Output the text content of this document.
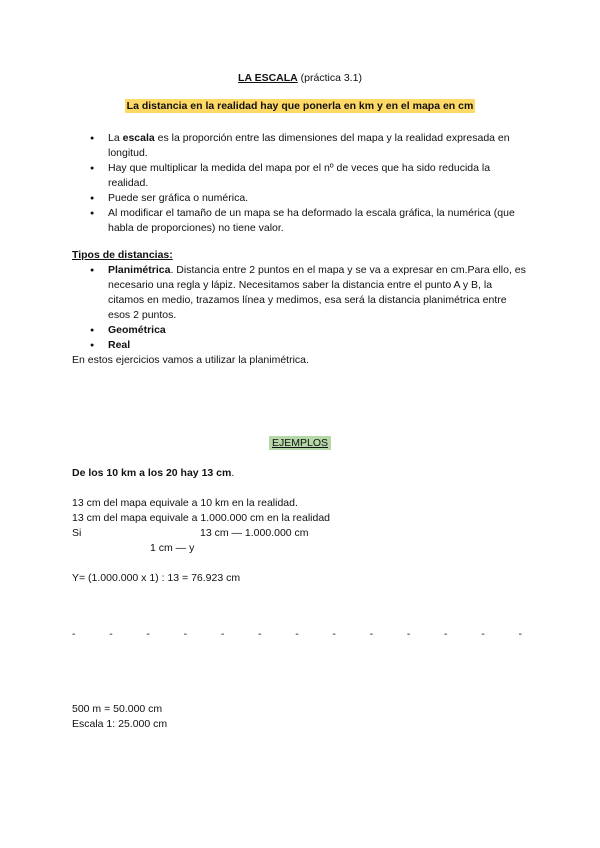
LA ESCALA (práctica 3.1)
La distancia en la realidad hay que ponerla en km y en el mapa en cm
● La escala es la proporción entre las dimensiones del mapa y la realidad expresada en longitud.
● Hay que multiplicar la medida del mapa por el nº de veces que ha sido reducida la realidad.
● Puede ser gráfica o numérica.
● Al modificar el tamaño de un mapa se ha deformado la escala gráfica, la numérica (que habla de proporciones) no tiene valor.
Tipos de distancias:
● Planimétrica. Distancia entre 2 puntos en el mapa y se va a expresar en cm.Para ello, es necesario una regla y lápiz. Necesitamos saber la distancia entre el punto A y B, la citamos en medio, trazamos línea y medimos, esa será la distancia planimétrica entre esos 2 puntos.
● Geométrica
● Real
En estos ejercicios vamos a utilizar la planimétrica.
EJEMPLOS
De los 10 km a los 20 hay 13 cm.
13 cm del mapa equivale a 10 km en la realidad.
13 cm del mapa equivale a 1.000.000 cm en la realidad
Si	13 cm — 1.000.000 cm
1 cm — y
Y= (1.000.000 x 1) : 13 = 76.923 cm
-	-	-	-	-	-	-	-	-	-	-	-	-
500 m = 50.000 cm
Escala 1: 25.000 cm
